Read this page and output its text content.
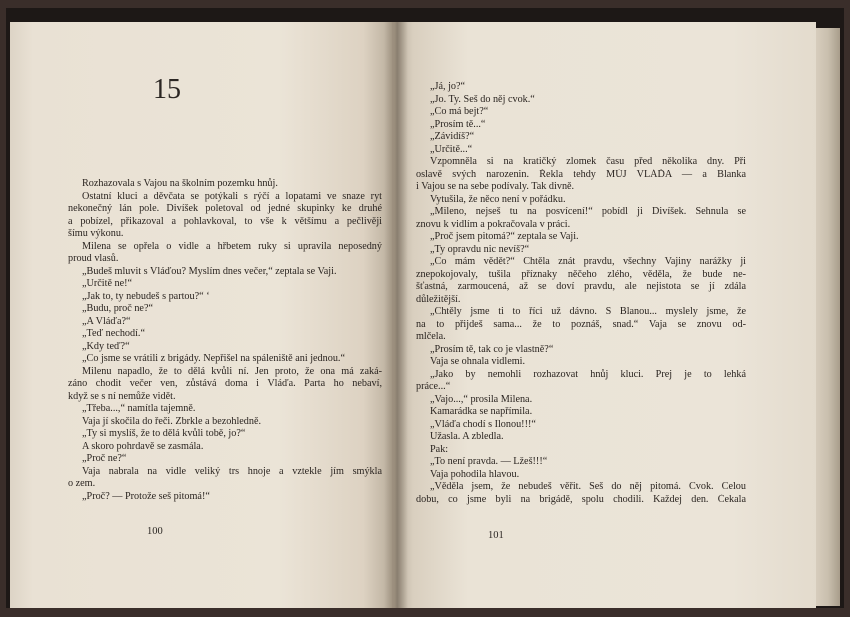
15
Rozhazovala s Vajou na školním pozemku hnůj.
Ostatní kluci a děvčata se potýkali s rýčí a lopatami ve snaze ryt
nekonečný lán pole. Divíšek poletoval od jedné skupinky ke druhé
a pobízel, přikazoval a pohlavkoval, to vše k většímu a pečlivěji
šímu výkonu.
Milena se opřela o vidle a hřbetem ruky si upravila neposedný
proud vlasů.
„Budeš mluvit s Vláďou? Myslím dnes večer,“ zeptala se Vaji.
„Určitě ne!“
„Jak to, ty nebudeš s partou?“ ‘
„Budu, proč ne?“
„A Vláďa?“
„Teď nechodí.“
„Kdy teď?“
„Co jsme se vrátili z brigády. Nepřišel na spáleniště ani jednou.“
Milenu napadlo, že to dělá kvůli ní. Jen proto, že ona má zaká-
záno chodit večer ven, zůstává doma i Vláďa. Parta ho nebaví,
když se s ní nemůže vidět.
„Třeba...,“ namítla tajemně.
Vaja jí skočila do řeči. Zbrkle a bezohledně.
„Ty si myslíš, že to dělá kvůli tobě, jo?“
A skoro pohrdavě se zasmála.
„Proč ne?“
Vaja nabrala na vidle veliký trs hnoje a vztekle jím smýkla
o zem.
„Proč? — Protože seš pitomá!“
100
„Já, jo?“
„Jo. Ty. Seš do něj cvok.“
„Co má bejt?“
„Prosím tě...“
„Závidíš?“
„Určitě...“
Vzpomněla si na kratičký zlomek času před několika dny. Při
oslavě svých narozenin. Řekla tehdy MŮJ VLÁĎA — a Blanka
i Vajou se na sebe podívaly. Tak divně.
Vytušila, že něco není v pořádku.
„Mileno, nejseš tu na posvícení!“ pobídl ji Divíšek. Sehnula se
znovu k vidlím a pokračovala v práci.
„Proč jsem pitomá?“ zeptala se Vaji.
„Ty opravdu nic nevíš?“
„Co mám vědět?“ Chtěla znát pravdu, všechny Vajiny narážky ji
znepokojovaly, tušila příznaky něčeho zlého, věděla, že bude ne-
šťastná, zarmoucená, až se doví pravdu, ale nejistota se jí zdála
důležitější.
„Chtěly jsme ti to říci už dávno. S Blanou... myslely jsme, že
na to přijdeš sama... že to poznáš, snad.“ Vaja se znovu od-
mlčela.
„Prosím tě, tak co je vlastně?“
Vaja se ohnala vidlemi.
„Jako by nemohli rozhazovat hnůj kluci. Prej je to lehká
práce...“
„Vajo...,“ prosila Milena.
Kamarádka se napřímila.
„Vláďa chodí s Ilonou!!!“
Užasla. A zbledla.
Pak:
„To není pravda. — Lžeš!!!“
Vaja pohodila hlavou.
„Věděla jsem, že nebudeš věřit. Seš do něj pitomá. Cvok. Celou
dobu, co jsme byli na brigádě, spolu chodili. Každej den. Čekala
101
